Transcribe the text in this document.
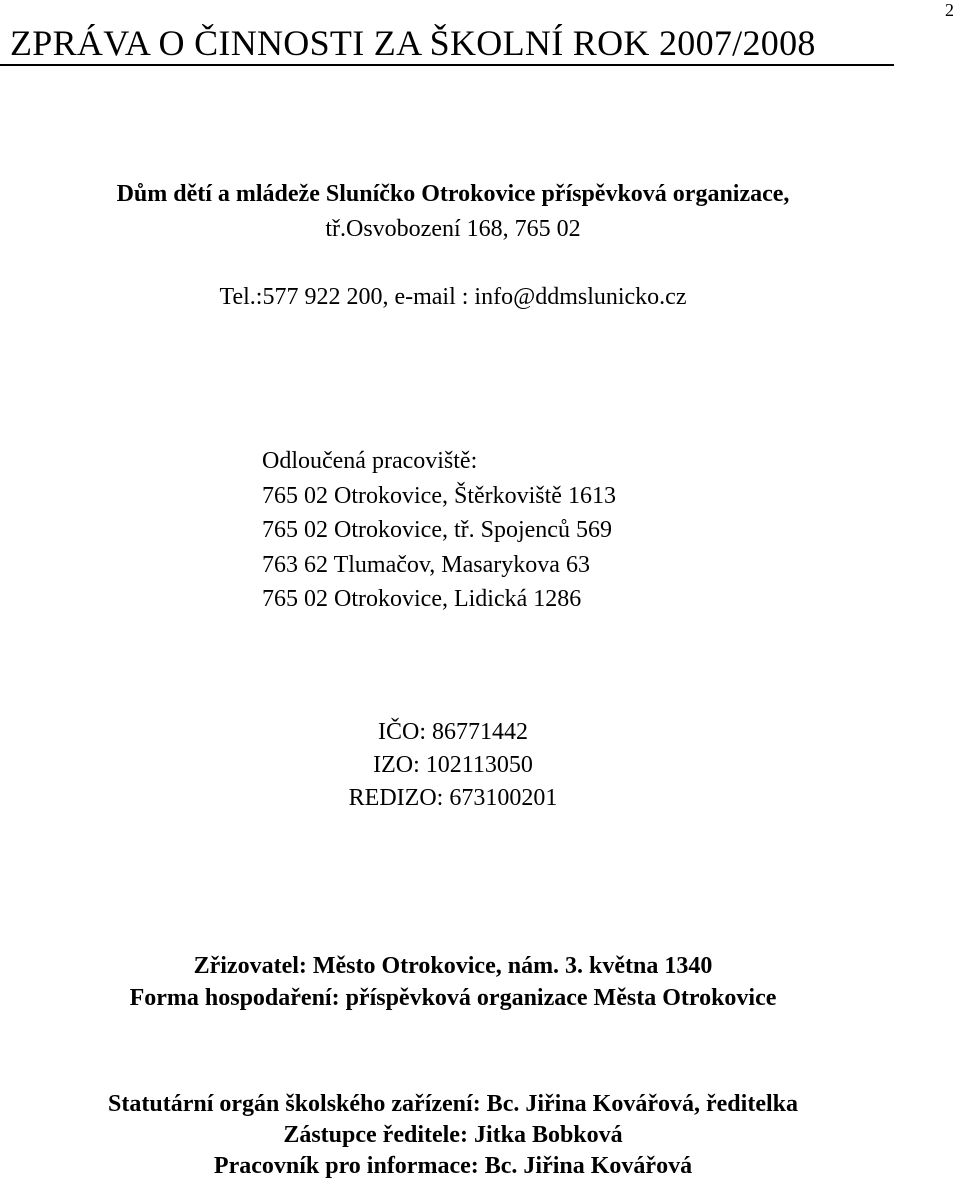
2
ZPRÁVA O ČINNOSTI ZA ŠKOLNÍ ROK 2007/2008
Dům dětí a mládeže Sluníčko Otrokovice příspěvková organizace,
tř.Osvobození 168, 765 02
Tel.:577 922 200, e-mail : info@ddmslunicko.cz
Odloučená pracoviště:
765 02 Otrokovice, Štěrkoviště 1613
765 02 Otrokovice, tř. Spojenců 569
763 62 Tlumačov, Masarykova 63
765 02 Otrokovice, Lidická 1286
IČO: 86771442
IZO: 102113050
REDIZO: 673100201
Zřizovatel: Město Otrokovice, nám. 3. května 1340
Forma hospodaření: příspěvková organizace Města Otrokovice
Statutární orgán školského zařízení: Bc. Jiřina Kovářová, ředitelka
Zástupce ředitele: Jitka Bobková
Pracovník pro informace: Bc. Jiřina Kovářová
